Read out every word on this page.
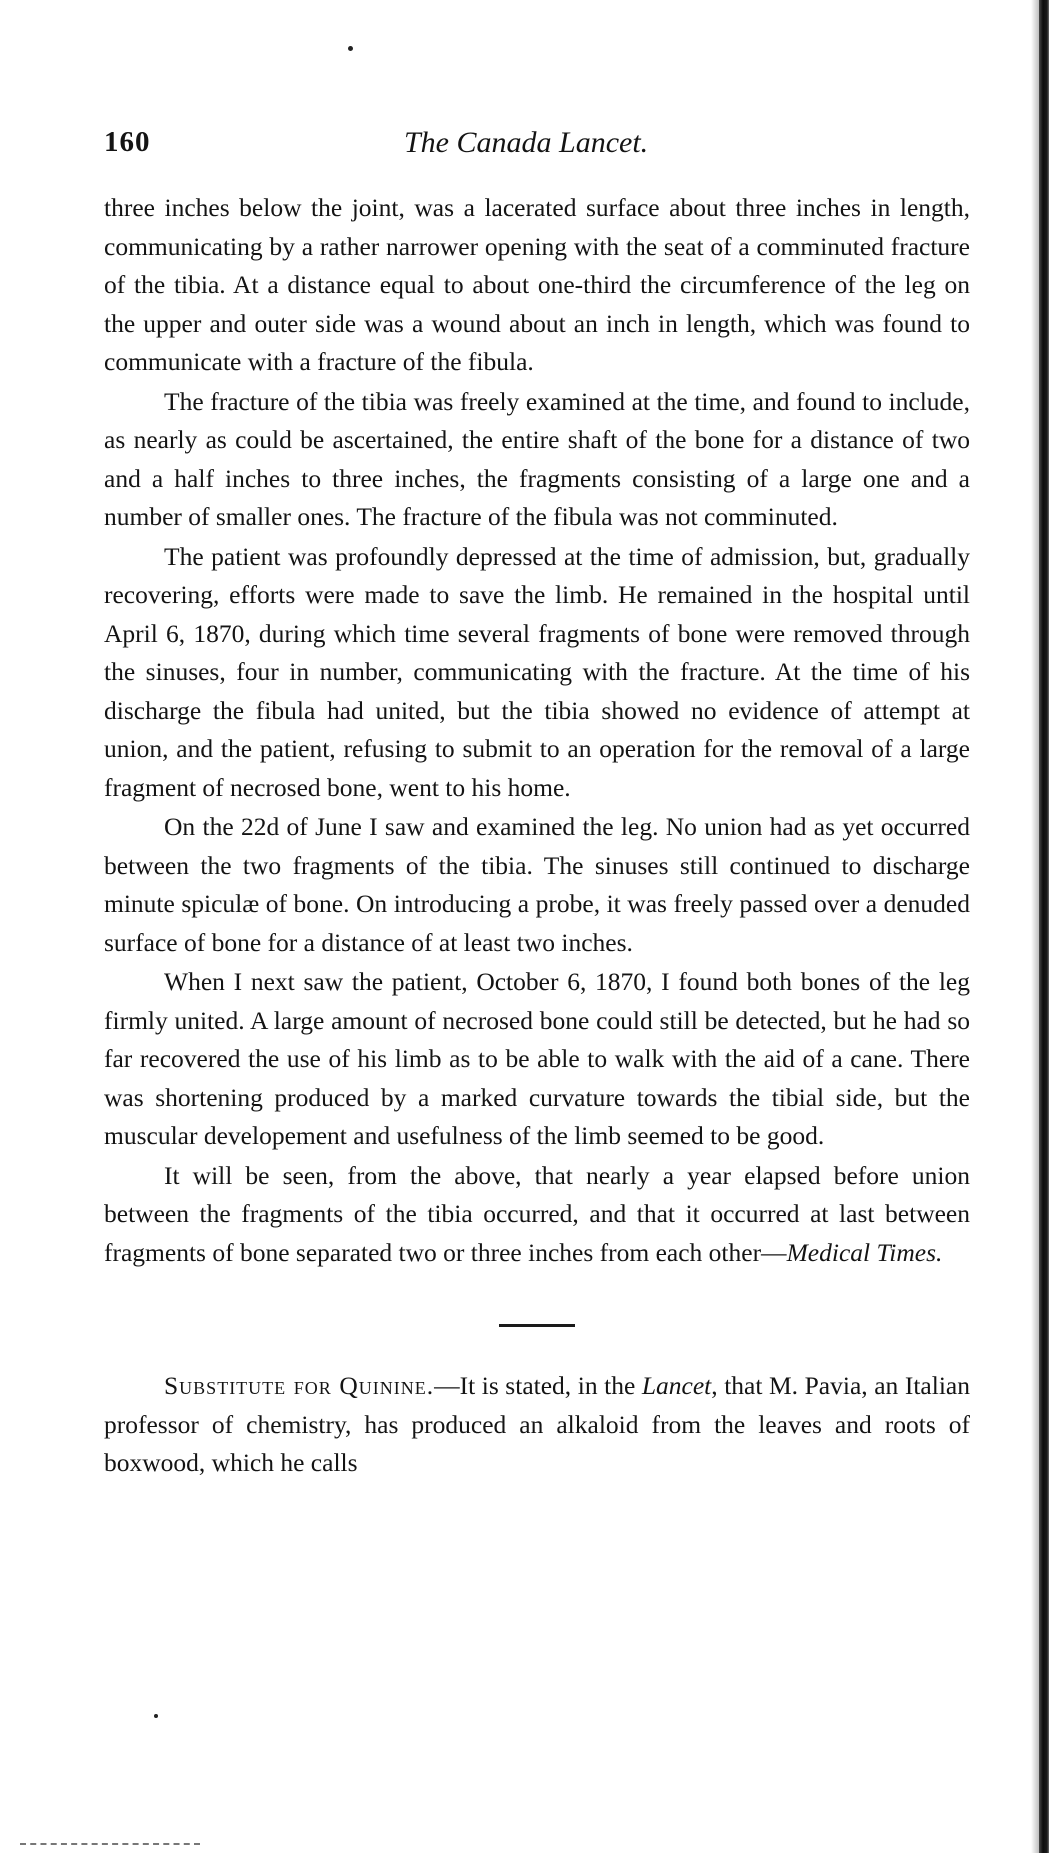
160	The Canada Lancet.

three inches below the joint, was a lacerated surface about three inches in length, communicating by a rather narrower opening with the seat of a comminuted fracture of the tibia. At a distance equal to about one-third the circumference of the leg on the upper and outer side was a wound about an inch in length, which was found to communicate with a fracture of the fibula.

The fracture of the tibia was freely examined at the time, and found to include, as nearly as could be ascertained, the entire shaft of the bone for a distance of two and a half inches to three inches, the fragments consisting of a large one and a number of smaller ones. The fracture of the fibula was not comminuted.

The patient was profoundly depressed at the time of admission, but, gradually recovering, efforts were made to save the limb. He remained in the hospital until April 6, 1870, during which time several fragments of bone were removed through the sinuses, four in number, communicating with the fracture. At the time of his discharge the fibula had united, but the tibia showed no evidence of attempt at union, and the patient, refusing to submit to an operation for the removal of a large fragment of necrosed bone, went to his home.

On the 22d of June I saw and examined the leg. No union had as yet occurred between the two fragments of the tibia. The sinuses still continued to discharge minute spiculæ of bone. On introducing a probe, it was freely passed over a denuded surface of bone for a distance of at least two inches.

When I next saw the patient, October 6, 1870, I found both bones of the leg firmly united. A large amount of necrosed bone could still be detected, but he had so far recovered the use of his limb as to be able to walk with the aid of a cane. There was shortening produced by a marked curvature towards the tibial side, but the muscular developement and usefulness of the limb seemed to be good.

It will be seen, from the above, that nearly a year elapsed before union between the fragments of the tibia occurred, and that it occurred at last between fragments of bone separated two or three inches from each other—Medical Times.

Substitute for Quinine.—It is stated, in the Lancet, that M. Pavia, an Italian professor of chemistry, has produced an alkaloid from the leaves and roots of boxwood, which he calls
